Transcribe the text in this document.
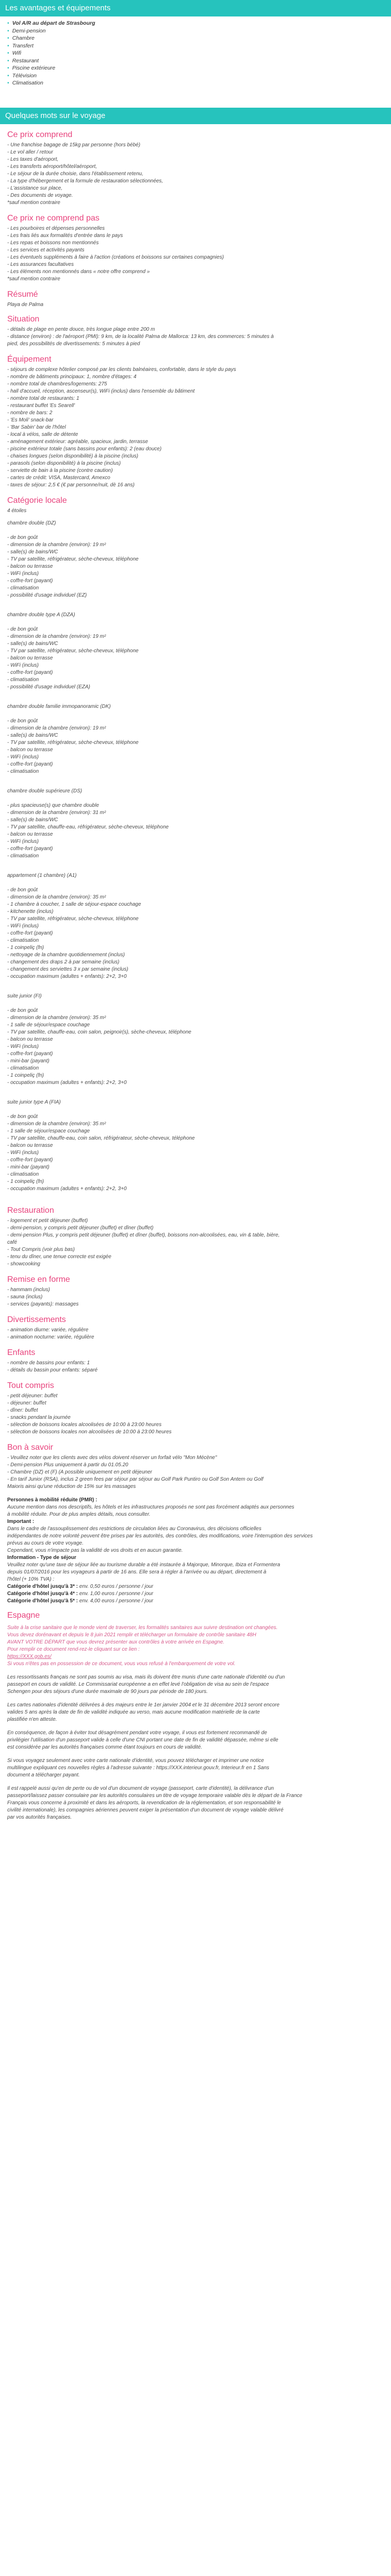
Les avantages et équipements
• Vol A/R au départ de Strasbourg
• Demi-pension
• Chambre
• Transfert
• Wifi
• Restaurant
• Piscine extérieure
• Télévision
• Climatisation
Quelques mots sur le voyage
Ce prix comprend

- Une franchise bagage de 15kg par personne (hors bébé)

- Le vol aller / retour

- Les taxes d'aéroport,

- Les transferts aéroport/hôtel/aéroport,

- Le séjour de la durée choisie, dans l'établissement retenu,

- La type d'hébergement et la formule de restauration sélectionnées,

- L'assistance sur place,

- Des documents de voyage.

*sauf mention contraire

Ce prix ne comprend pas

- Les pourboires et dépenses personnelles

- Les frais liés aux formalités d'entrée dans le pays

- Les repas et boissons non mentionnés

- Les services et activités payants

- Les éventuels suppléments à faire à l'action (créations et boissons sur certaines compagnies)

- Les assurances facultatives

- Les éléments non mentionnés dans « notre offre comprend »

*sauf mention contraire

Résumé

Playa de Palma

Situation

- détails de plage en pente douce, très longue plage entre 200 m

- distance (environ) : de l'aéroport (PMI): 9 km, de la localité Palma de Mallorca: 13 km, des commerces: 5 minutes à

pied, des possibilités de divertissements: 5 minutes à pied

Équipement

- séjours de complexe hôtelier composé par les clients balnéaires, confortable, dans le style du pays

- nombre de bâtiments principaux: 1, nombre d'étages: 4

- nombre total de chambres/logements: 275

- hall d'accueil, réception, ascenseur(s), WiFi (inclus) dans l'ensemble du bâtiment

- nombre total de restaurants: 1

- restaurant buffet 'Es Searell'

- nombre de bars: 2

- 'Es Moli' snack-bar

- 'Bar Sabin' bar de l'hôtel

- local à vélos, salle de détente

- aménagement extérieur: agréable, spacieux, jardin, terrasse

- piscine extérieur totale (sans bassins pour enfants): 2 (eau douce)

- chaises longues (selon disponibilité) à la piscine (inclus)

- parasols (selon disponibilité) à la piscine (inclus)

- serviette de bain à la piscine (contre caution)

- cartes de crédit: VISA, Mastercard, Amexco

- taxes de séjour: 2,5 € (€ par personne/nuit, dè 16 ans)

Catégorie locale

4 étoiles

chambre double (DZ)

- de bon goût

- dimension de la chambre (environ): 19 m²

- salle(s) de bains/WC

- TV par satellite, réfrigérateur, sèche-cheveux, téléphone

- balcon ou terrasse

- WiFi (inclus)

- coffre-fort (payant)

- climatisation

- possibilité d'usage individuel (EZ)

chambre double type A (DZA)

- de bon goût

- dimension de la chambre (environ): 19 m²

- salle(s) de bains/WC

- TV par satellite, réfrigérateur, sèche-cheveux, téléphone

- balcon ou terrasse

- WiFi (inclus)

- coffre-fort (payant)

- climatisation

- possibilité d'usage individuel (EZA)

chambre double familie immopanoramic (DK)

- de bon goût

- dimension de la chambre (environ): 19 m²

- salle(s) de bains/WC

- TV par satellite, réfrigérateur, sèche-cheveux, téléphone

- balcon ou terrasse

- WiFi (inclus)

- coffre-fort (payant)

- climatisation

chambre double supérieure (DS)

- plus spacieuse(s) que chambre double

- dimension de la chambre (environ): 31 m²

- salle(s) de bains/WC

- TV par satellite, chauffe-eau, réfrigérateur, sèche-cheveux, téléphone

- balcon ou terrasse

- WiFi (inclus)

- coffre-fort (payant)

- climatisation

appartement (1 chambre) (A1)

- de bon goût

- dimension de la chambre (environ): 35 m²

- 1 chambre à coucher, 1 salle de séjour-espace couchage

- kitchenette (inclus)

- TV par satellite, réfrigérateur, sèche-cheveux, téléphone

- WiFi (inclus)

- coffre-fort (payant)

- climatisation

- 1 coinpeliç (fn)

- nettoyage de la chambre quotidiennement (inclus)

- changement des draps 2 à par semaine (inclus)

- changement des serviettes 3 x par semaine (inclus)

- occupation maximum (adultes + enfants): 2+2, 3+0

suite junior (FI)

- de bon goût

- dimension de la chambre (environ): 35 m²

- 1 salle de séjour/espace couchage

- TV par satellite, chauffe-eau, coin salon, peignoir(s), sèche-cheveux, téléphone

- balcon ou terrasse

- WiFi (inclus)

- coffre-fort (payant)

- mini-bar (payant)

- climatisation

- 1 coinpeliç (fn)

- occupation maximum (adultes + enfants): 2+2, 3+0

suite junior type A (FIA)

- de bon goût

- dimension de la chambre (environ): 35 m²

- 1 salle de séjour/espace couchage

- TV par satellite, chauffe-eau, coin salon, réfrigérateur, sèche-cheveux, téléphone

- balcon ou terrasse

- WiFi (inclus)

- coffre-fort (payant)

- mini-bar (payant)

- climatisation

- 1 coinpeliç (fn)

- occupation maximum (adultes + enfants): 2+2, 3+0

Restauration

- logement et petit déjeuner (buffet)

- demi-pension, y compris petit déjeuner (buffet) et dîner (buffet)

- demi-pension Plus, y compris petit déjeuner (buffet) et dîner (buffet), boissons non-alcoolisées, eau, vin & table, bière,

café

- Tout Compris (voir plus bas)

- tenu du dîner, une tenue correcte est exigée

- showcooking

Remise en forme

- hammam (inclus)

- sauna (inclus)

- services (payants): massages

Divertissements

- animation diurne: variée, régulière

- animation nocturne: variée, régulière

Enfants

- nombre de bassins pour enfants: 1

- détails du bassin pour enfants: séparé

Tout compris

- petit déjeuner: buffet

- déjeuner: buffet

- dîner: buffet

- snacks pendant la journée

- sélection de boissons locales alcoolisées de 10:00 à 23:00 heures

- sélection de boissons locales non alcoolisées de 10:00 à 23:00 heures

Bon à savoir

- Veuillez noter que les clients avec des vélos doivent réserver un forfait vélo "Mon Mécène"

- Demi-pension Plus uniquement à partir du 01.05.20

- Chambre (DZ) et (F) (A possible uniquement en petit déjeuner

- En tarif Junior (RSA), inclus 2 green fees par séjour par séjour au Golf Park Puntiro ou Golf Son Antem ou Golf

Maioris ainsi qu'une réduction de 15% sur les massages

Personnes à mobilité réduite (PMR) :

Aucune mention dans nos descriptifs, les hôtels et les infrastructures proposés ne sont pas forcément adaptés aux personnes

à mobilité réduite. Pour de plus amples détails, nous consulter.

Important :

Dans le cadre de l'assouplissement des restrictions de circulation liées au Coronavirus, des décisions officielles

indépendantes de notre volonté peuvent être prises par les autorités, des contrôles, des modifications, voire l'interruption des services

prévus au cours de votre voyage.

Cependant, vous n'impacte pas la validité de vos droits et en aucun garantie.

Information - Type de séjour

Veuillez noter qu'une taxe de séjour liée au tourisme durable a été instaurée à Majorque, Minorque, Ibiza et Formentera

depuis 01/07/2016 pour les voyageurs à partir de 16 ans. Elle sera à régler à l'arrivée ou au départ, directement à

l'hôtel (+ 10% TVA) :

Catégorie d'hôtel jusqu'à 3* : env. 0,50 euros / personne / jour

Catégorie d'hôtel jusqu'à 4* : env. 1,00 euros / personne / jour

Catégorie d'hôtel jusqu'à 5* : env. 4,00 euros / personne / jour

Espagne

Suite à la crise sanitaire que le monde vient de traverser, les formalités sanitaires aux suivre destination ont changées.

Vous devez dorénavant et depuis le 8 juin 2021 remplir et télécharger un formulaire de contrôle sanitaire 48H

AVANT VOTRE DÉPART que vous devrez présenter aux contrôles à votre arrivée en Espagne.

Pour remplir ce document rend-rez-le cliquant sur ce lien :

https://XXX.gob.es/

Si vous n'êtes pas en possession de ce document, vous vous refusé à l'embarquement de votre vol.

Les ressortissants français ne sont pas soumis au visa, mais ils doivent être munis d'une carte nationale d'identité ou d'un

passeport en cours de validité. Le Commissariat européenne a en effet levé l'obligation de visa au sein de l'espace

Schengen pour des séjours d'une durée maximale de 90 jours par période de 180 jours.

Les cartes nationales d'identité délivrées à des majeurs entre le 1er janvier 2004 et le 31 décembre 2013 seront encore

valides 5 ans après la date de fin de validité indiquée au verso, mais aucune modification matérielle de la carte

plastifiée n'en atteste.

En conséquence, de façon à éviter tout désagrément pendant votre voyage, il vous est fortement recommandé de

privilégier l'utilisation d'un passeport valide à celle d'une CNI portant une date de fin de validité dépassée, même si elle

est considérée par les autorités françaises comme étant toujours en cours de validité.

Si vous voyagez seulement avec votre carte nationale d'identité, vous pouvez télécharger et imprimer une notice

multilingue expliquant ces nouvelles règles à l'adresse suivante : https://XXX.interieur.gouv.fr, Interieur.fr en 1 Sans

document a télécharger payant.

Il est rappelé aussi qu'en de perte ou de vol d'un document de voyage (passeport, carte d'identité), la délivrance d'un

passeport/laissez passer consulaire par les autorités consulaires un titre de voyage temporaire valable dès le départ de la France

Français vous concerne à proximité et dans les aéroports, la revendication de la réglementation, et son responsabilité le

civilité internationale), les compagnies aériennes peuvent exiger la présentation d'un document de voyage valable délivré

par vos autorités françaises.
